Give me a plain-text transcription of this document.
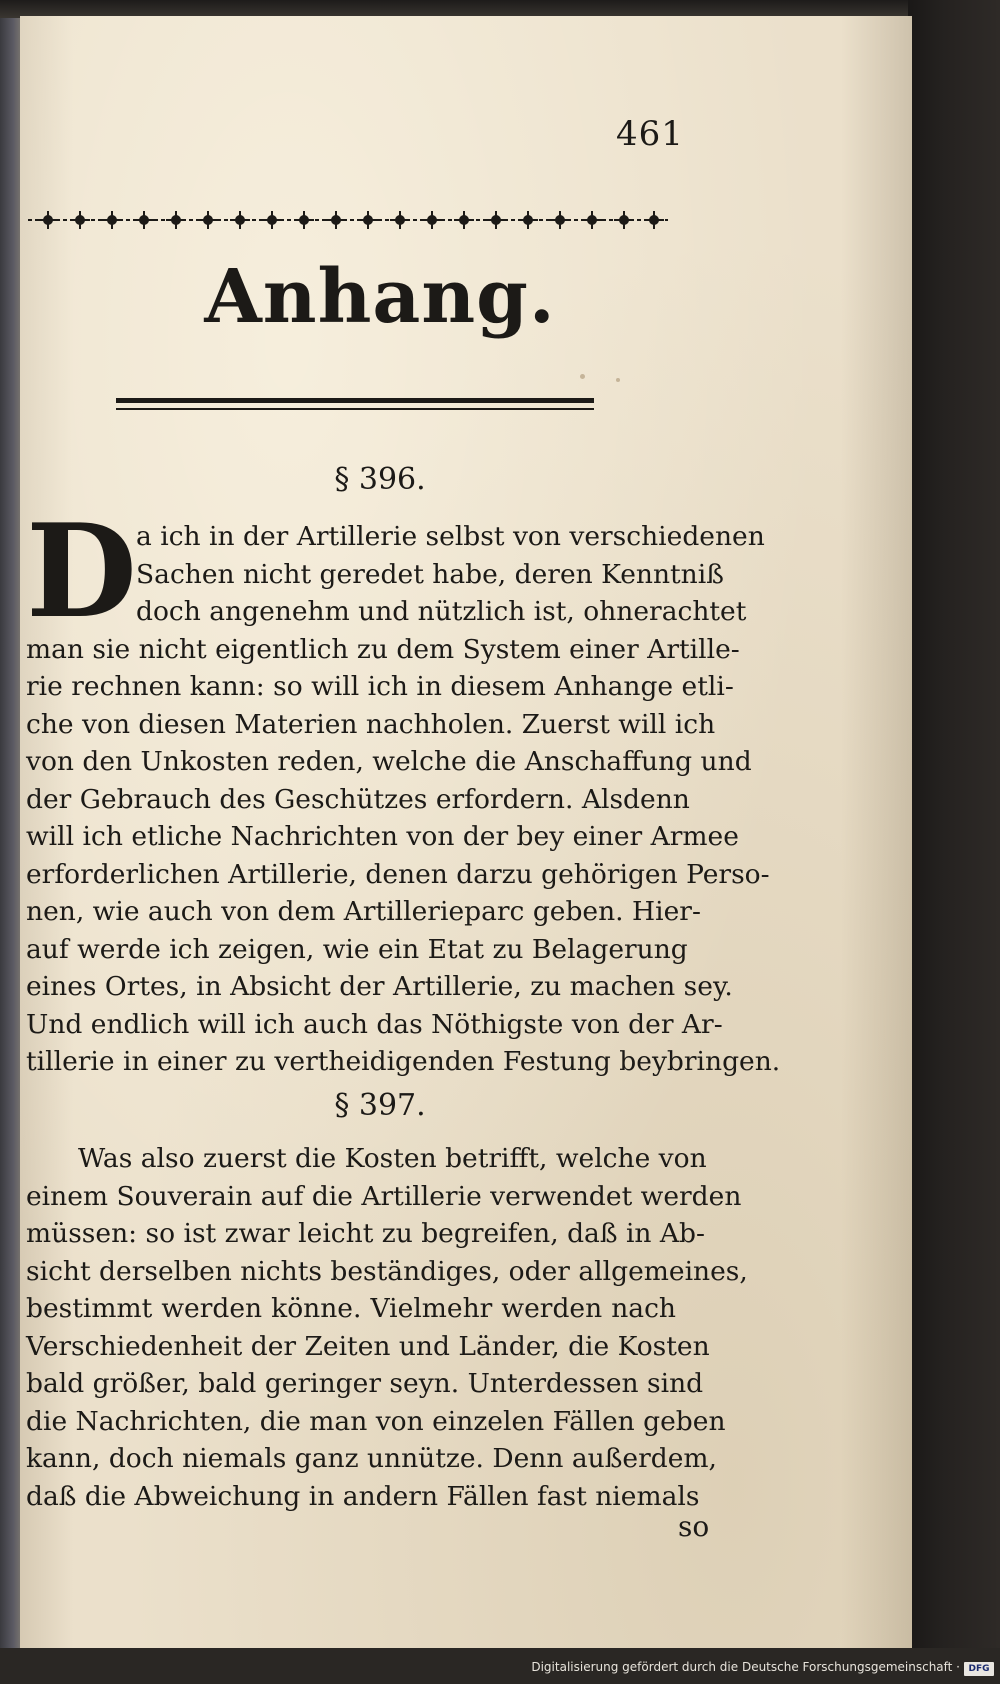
461
Anhang.
§ 396.
D a ich in der Artillerie selbst von verschiedenen
Sachen nicht geredet habe, deren Kenntniß
doch angenehm und nützlich ist, ohnerachtet
man sie nicht eigentlich zu dem System einer Artille-
rie rechnen kann: so will ich in diesem Anhange etli-
che von diesen Materien nachholen. Zuerst will ich
von den Unkosten reden, welche die Anschaffung und
der Gebrauch des Geschützes erfordern. Alsdenn
will ich etliche Nachrichten von der bey einer Armee
erforderlichen Artillerie, denen darzu gehörigen Perso-
nen, wie auch von dem Artillerieparc geben. Hier-
auf werde ich zeigen, wie ein Etat zu Belagerung
eines Ortes, in Absicht der Artillerie, zu machen sey.
Und endlich will ich auch das Nöthigste von der Ar-
tillerie in einer zu vertheidigenden Festung beybringen.
§ 397.
Was also zuerst die Kosten betrifft, welche von
einem Souverain auf die Artillerie verwendet werden
müssen: so ist zwar leicht zu begreifen, daß in Ab-
sicht derselben nichts beständiges, oder allgemeines,
bestimmt werden könne. Vielmehr werden nach
Verschiedenheit der Zeiten und Länder, die Kosten
bald größer, bald geringer seyn. Unterdessen sind
die Nachrichten, die man von einzelen Fällen geben
kann, doch niemals ganz unnütze. Denn außerdem,
daß die Abweichung in andern Fällen fast niemals
so
Digitalisierung gefördert durch die Deutsche Forschungsgemeinschaft · DFG
